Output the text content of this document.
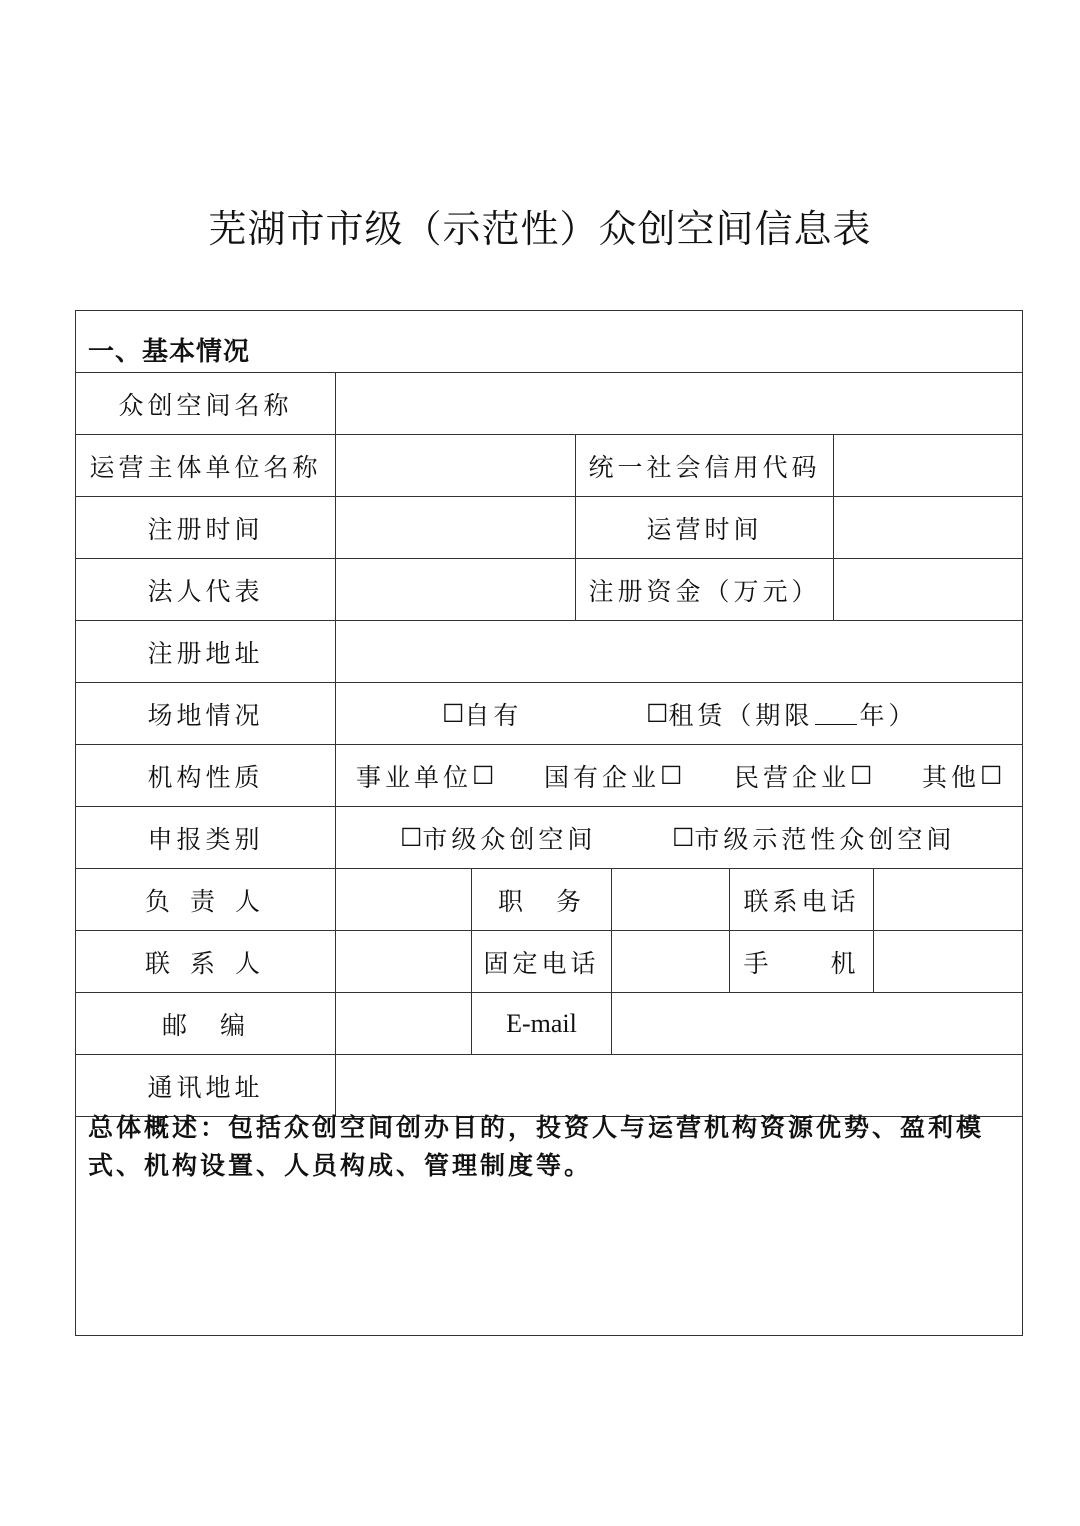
芜湖市市级（示范性）众创空间信息表
一、基本情况
众创空间名称
运营主体单位名称	统一社会信用代码
注册时间	运营时间
法人代表	注册资金（万元）
注册地址
场地情况	☐ 自有	☐ 租赁（期限 年）
机构性质	事业单位 ☐ 国有企业 ☐ 民营企业 ☐ 其他 ☐
申报类别	☐ 市级众创空间	☐ 市级示范性众创空间
负 责 人	职　务	联系电话
联 系 人	固定电话	手　　机
邮　编	E-mail
通讯地址
总体概述：包括众创空间创办目的，投资人与运营机构资源优势、盈利模式、机构设置、人员构成、管理制度等。
